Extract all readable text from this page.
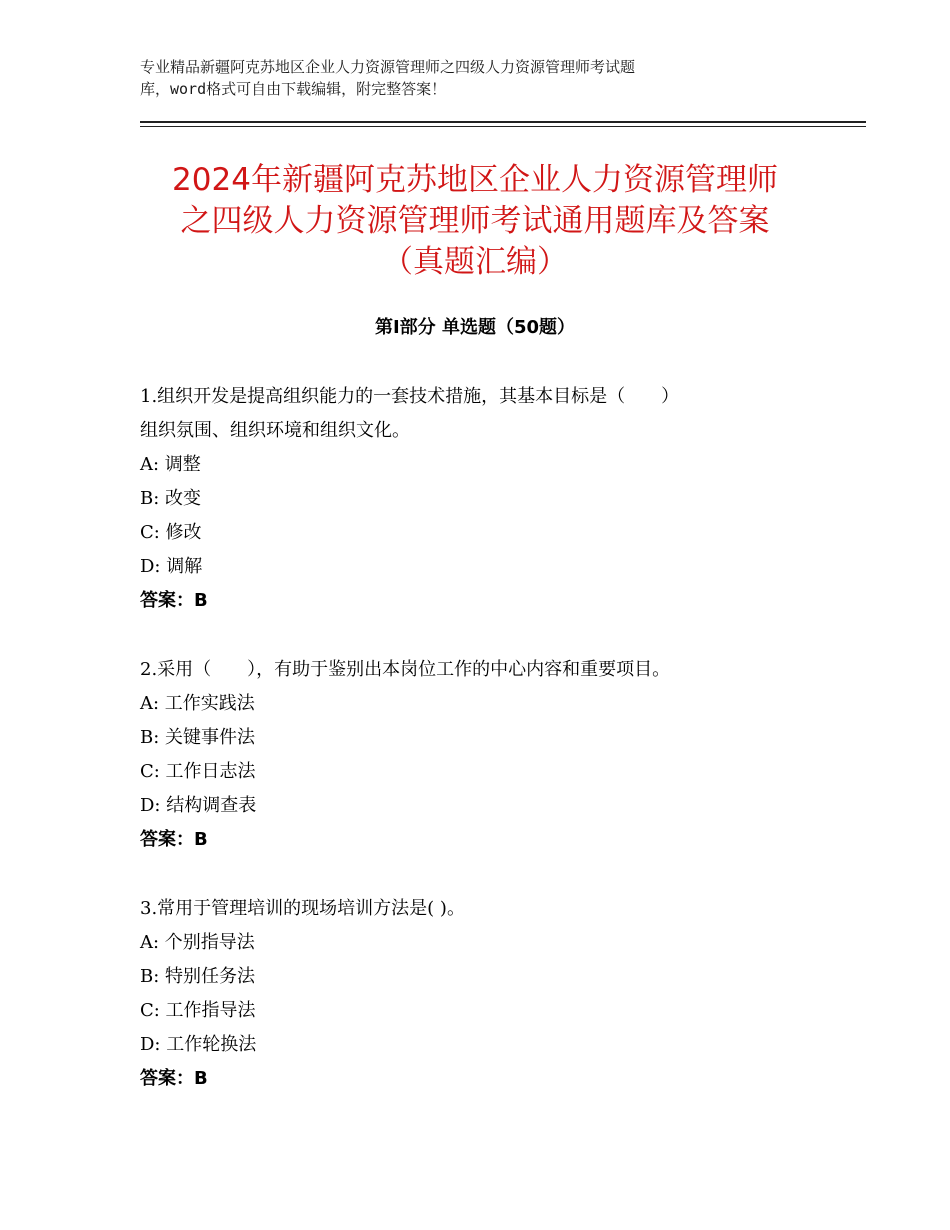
专业精品新疆阿克苏地区企业人力资源管理师之四级人力资源管理师考试题
库，word格式可自由下载编辑，附完整答案！
2024年新疆阿克苏地区企业人力资源管理师
之四级人力资源管理师考试通用题库及答案
（真题汇编）
第Ⅰ部分 单选题（50题）
1.组织开发是提高组织能力的一套技术措施，其基本目标是（　　）
组织氛围、组织环境和组织文化。
A: 调整
B: 改变
C: 修改
D: 调解
答案：B
2.采用（　　），有助于鉴别出本岗位工作的中心内容和重要项目。
A: 工作实践法
B: 关键事件法
C: 工作日志法
D: 结构调查表
答案：B
3.常用于管理培训的现场培训方法是( )。
A: 个别指导法
B: 特别任务法
C: 工作指导法
D: 工作轮换法
答案：B
